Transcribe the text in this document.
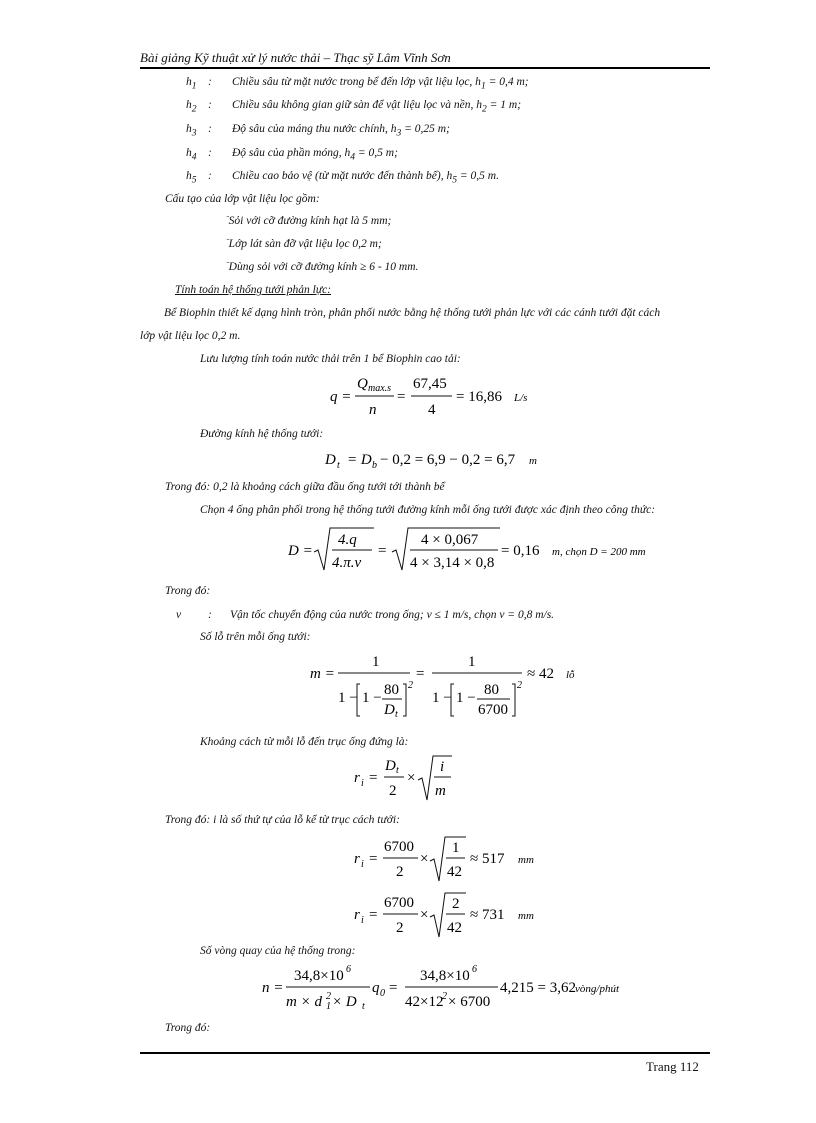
Bài giảng Kỹ thuật xử lý nước thải – Thạc sỹ Lâm Vĩnh Sơn
$h_1$ : Chiều sâu từ mặt nước trong bể đến lớp vật liệu lọc, $h_1 = 0,4$ m;
$h_2$ : Chiều sâu không gian giữ sàn để vật liệu lọc và nền, $h_2 = 1$ m;
$h_3$ : Độ sâu của máng thu nước chính, $h_3 = 0,25$ m;
$h_4$ : Độ sâu của phần móng, $h_4 = 0,5$ m;
$h_5$ : Chiều cao bảo vệ (từ mặt nước đến thành bể), $h_5 = 0,5$ m.
Cấu tạo của lớp vật liệu lọc gồm:
$^ˉ$Sỏi với cỡ đường kính hạt là 5 mm;
$^ˉ$Lớp lát sàn đỡ vật liệu lọc 0,2 m;
$^ˉ$Dùng sỏi với cỡ đường kính ≥ 6 - 10 mm.
Tính toán hệ thống tưới phản lực:
Bể Biophin thiết kế dạng hình tròn, phân phối nước bằng hệ thống tưới phản lực với các cánh tưới đặt cách
lớp vật liệu lọc 0,2 m.
Lưu lượng tính toán nước thải trên 1 bể Biophin cao tải:
q =
Q max.s
n
=
67,45
4
= 16,86 L/s
Đường kính hệ thống tưới:
D t = D b − 0,2 = 6,9 − 0,2 = 6,7 m
Trong đó: 0,2 là khoảng cách giữa đầu ống tưới tới thành bể
Chọn 4 ống phân phối trong hệ thống tưới đường kính mỗi ống tưới được xác định theo công thức:
D =
4.q
4.π.v
=
4 × 0,067
4 × 3,14 × 0,8
= 0,16 m, chọn D = 200 mm
Trong đó:
v : Vận tốc chuyển động của nước trong ống; v ≤ 1 m/s, chọn v = 0,8 m/s.
Số lỗ trên mỗi ống tưới:
m =
1
1 − 1 − 80
D t
2
=
1
1 − 1 − 80
6700
2
≈ 42 lỗ
Khoảng cách từ mỗi lỗ đến trục ống đứng là:
r i =
D t
2
×
i
m
Trong đó: i là số thứ tự của lỗ kể từ trục cách tưới:
r i =
6700
2
×
1
42
≈ 517 mm
r i =
6700
2
×
2
42
≈ 731 mm
Số vòng quay của hệ thống trong:
n =
34,8×10 6
m × d 1
2 × D t
q 0 =
34,8×10 6
42×12
2 × 6700
4,215 = 3,62 vòng/phút
Trong đó:
Trang 112
